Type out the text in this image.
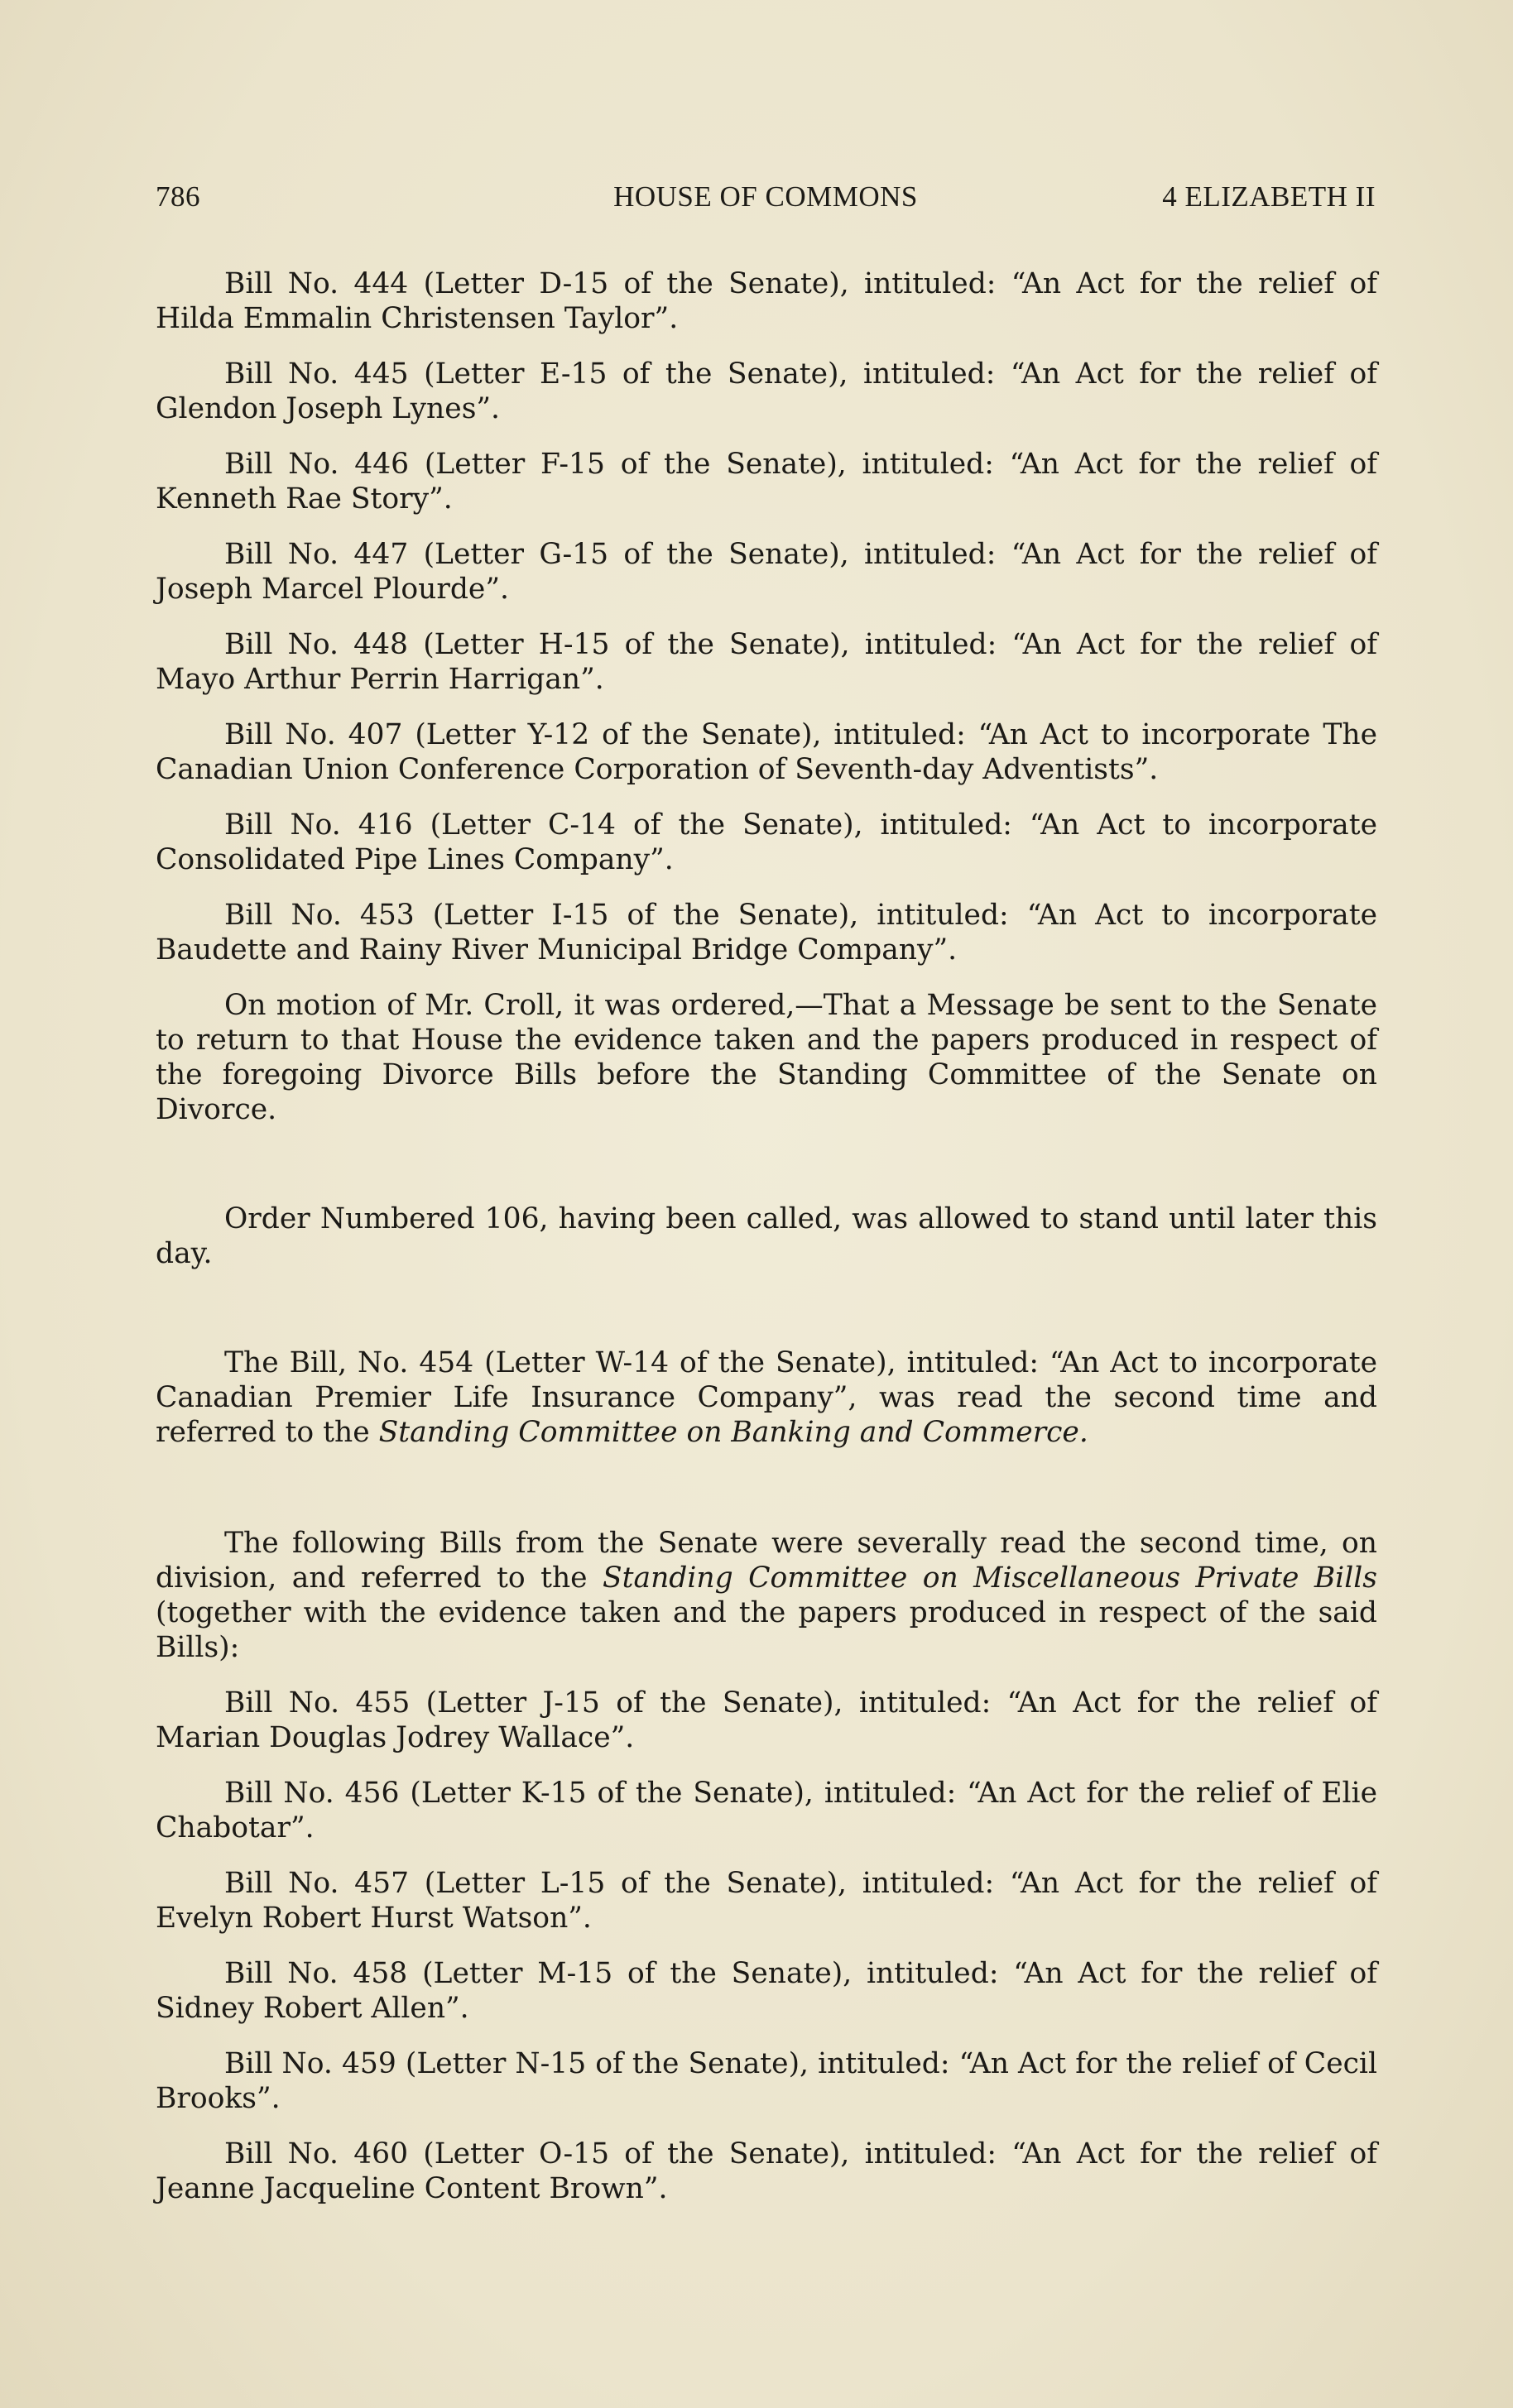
786	HOUSE OF COMMONS	4 ELIZABETH II

Bill No. 444 (Letter D-15 of the Senate), intituled: “An Act for the relief of Hilda Emmalin Christensen Taylor”.

Bill No. 445 (Letter E-15 of the Senate), intituled: “An Act for the relief of Glendon Joseph Lynes”.

Bill No. 446 (Letter F-15 of the Senate), intituled: “An Act for the relief of Kenneth Rae Story”.

Bill No. 447 (Letter G-15 of the Senate), intituled: “An Act for the relief of Joseph Marcel Plourde”.

Bill No. 448 (Letter H-15 of the Senate), intituled: “An Act for the relief of Mayo Arthur Perrin Harrigan”.

Bill No. 407 (Letter Y-12 of the Senate), intituled: “An Act to incorporate The Canadian Union Conference Corporation of Seventh-day Adventists”.

Bill No. 416 (Letter C-14 of the Senate), intituled: “An Act to incorporate Consolidated Pipe Lines Company”.

Bill No. 453 (Letter I-15 of the Senate), intituled: “An Act to incorporate Baudette and Rainy River Municipal Bridge Company”.

On motion of Mr. Croll, it was ordered,—That a Message be sent to the Senate to return to that House the evidence taken and the papers produced in respect of the foregoing Divorce Bills before the Standing Committee of the Senate on Divorce.

Order Numbered 106, having been called, was allowed to stand until later this day.

The Bill, No. 454 (Letter W-14 of the Senate), intituled: “An Act to incorporate Canadian Premier Life Insurance Company”, was read the second time and referred to the Standing Committee on Banking and Commerce.

The following Bills from the Senate were severally read the second time, on division, and referred to the Standing Committee on Miscellaneous Private Bills (together with the evidence taken and the papers produced in respect of the said Bills):

Bill No. 455 (Letter J-15 of the Senate), intituled: “An Act for the relief of Marian Douglas Jodrey Wallace”.

Bill No. 456 (Letter K-15 of the Senate), intituled: “An Act for the relief of Elie Chabotar”.

Bill No. 457 (Letter L-15 of the Senate), intituled: “An Act for the relief of Evelyn Robert Hurst Watson”.

Bill No. 458 (Letter M-15 of the Senate), intituled: “An Act for the relief of Sidney Robert Allen”.

Bill No. 459 (Letter N-15 of the Senate), intituled: “An Act for the relief of Cecil Brooks”.

Bill No. 460 (Letter O-15 of the Senate), intituled: “An Act for the relief of Jeanne Jacqueline Content Brown”.
